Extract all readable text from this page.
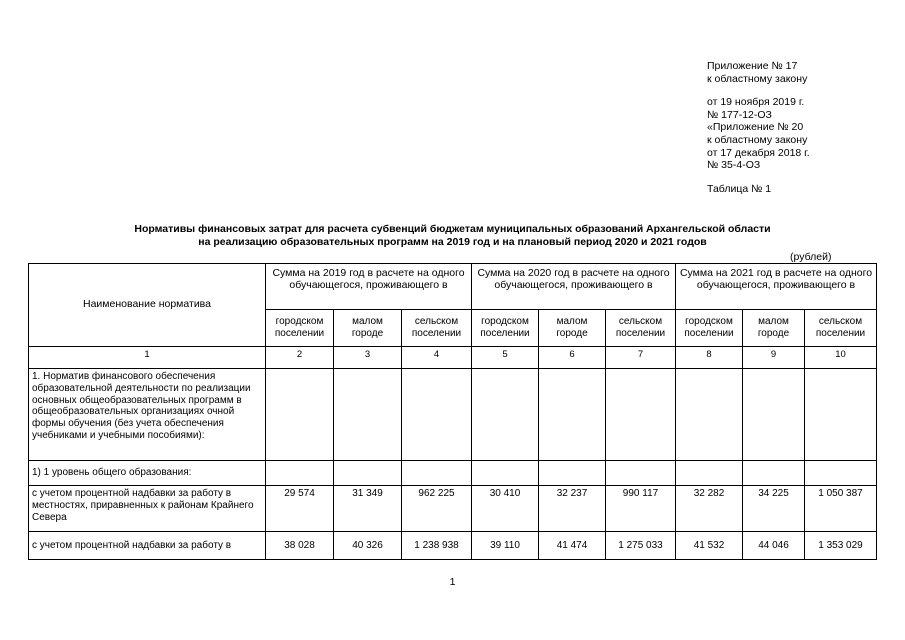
Приложение № 17
к областному закону
от 19 ноября 2019 г.
№ 177-12-ОЗ
«Приложение № 20
к областному закону
от 17 декабря 2018 г.
№ 35-4-ОЗ
Таблица № 1
Нормативы финансовых затрат для расчета субвенций бюджетам муниципальных образований Архангельской области
на реализацию образовательных программ на 2019 год и на плановый период 2020 и 2021 годов
(рублей)
Наименование норматива	Сумма на 2019 год в расчете на одного обучающегося, проживающего в			Сумма на 2020 год в расчете на одного обучающегося, проживающего в			Сумма на 2021 год в расчете на одного обучающегося, проживающего в		
	городском поселении	малом городе	сельском поселении	городском поселении	малом городе	сельском поселении	городском поселении	малом городе	сельском поселении
1	2	3	4	5	6	7	8	9	10
1. Норматив финансового обеспечения образовательной деятельности по реализации основных общеобразовательных программ в общеобразовательных организациях очной формы обучения (без учета обеспечения учебниками и учебными пособиями):									
1) 1 уровень общего образования:									
с учетом процентной надбавки за работу в местностях, приравненных к районам Крайнего Севера	29 574	31 349	962 225	30 410	32 237	990 117	32 282	34 225	1 050 387
с учетом процентной надбавки за работу в	38 028	40 326	1 238 938	39 110	41 474	1 275 033	41 532	44 046	1 353 029
1
